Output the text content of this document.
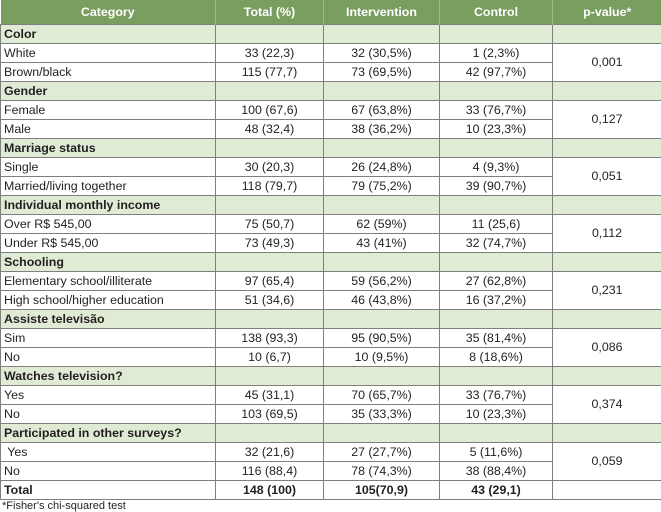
Category	Total (%)	Intervention	Control	p-value*
Color				
White	33 (22,3)	32 (30,5%)	1 (2,3%)	0,001
Brown/black	115 (77,7)	73 (69,5%)	42 (97,7%)	
Gender				
Female	100 (67,6)	67 (63,8%)	33 (76,7%)	0,127
Male	48 (32,4)	38 (36,2%)	10 (23,3%)	
Marriage status				
Single	30 (20,3)	26 (24,8%)	4 (9,3%)	0,051
Married/living together	118 (79,7)	79 (75,2%)	39 (90,7%)	
Individual monthly income				
Over R$ 545,00	75 (50,7)	62 (59%)	11 (25,6)	0,112
Under R$ 545,00	73 (49,3)	43 (41%)	32 (74,7%)	
Schooling				
Elementary school/illiterate	97 (65,4)	59 (56,2%)	27 (62,8%)	0,231
High school/higher education	51 (34,6)	46 (43,8%)	16 (37,2%)	
Assiste televisão				
Sim	138 (93,3)	95 (90,5%)	35 (81,4%)	0,086
No	10 (6,7)	10 (9,5%)	8 (18,6%)	
Watches television?				
Yes	45 (31,1)	70 (65,7%)	33 (76,7%)	0,374
No	103 (69,5)	35 (33,3%)	10 (23,3%)	
Participated in other surveys?				
Yes	32 (21,6)	27 (27,7%)	5 (11,6%)	0,059
No	116 (88,4)	78 (74,3%)	38 (88,4%)	
Total	148 (100)	105(70,9)	43 (29,1)	
*Fisher's chi-squared test
